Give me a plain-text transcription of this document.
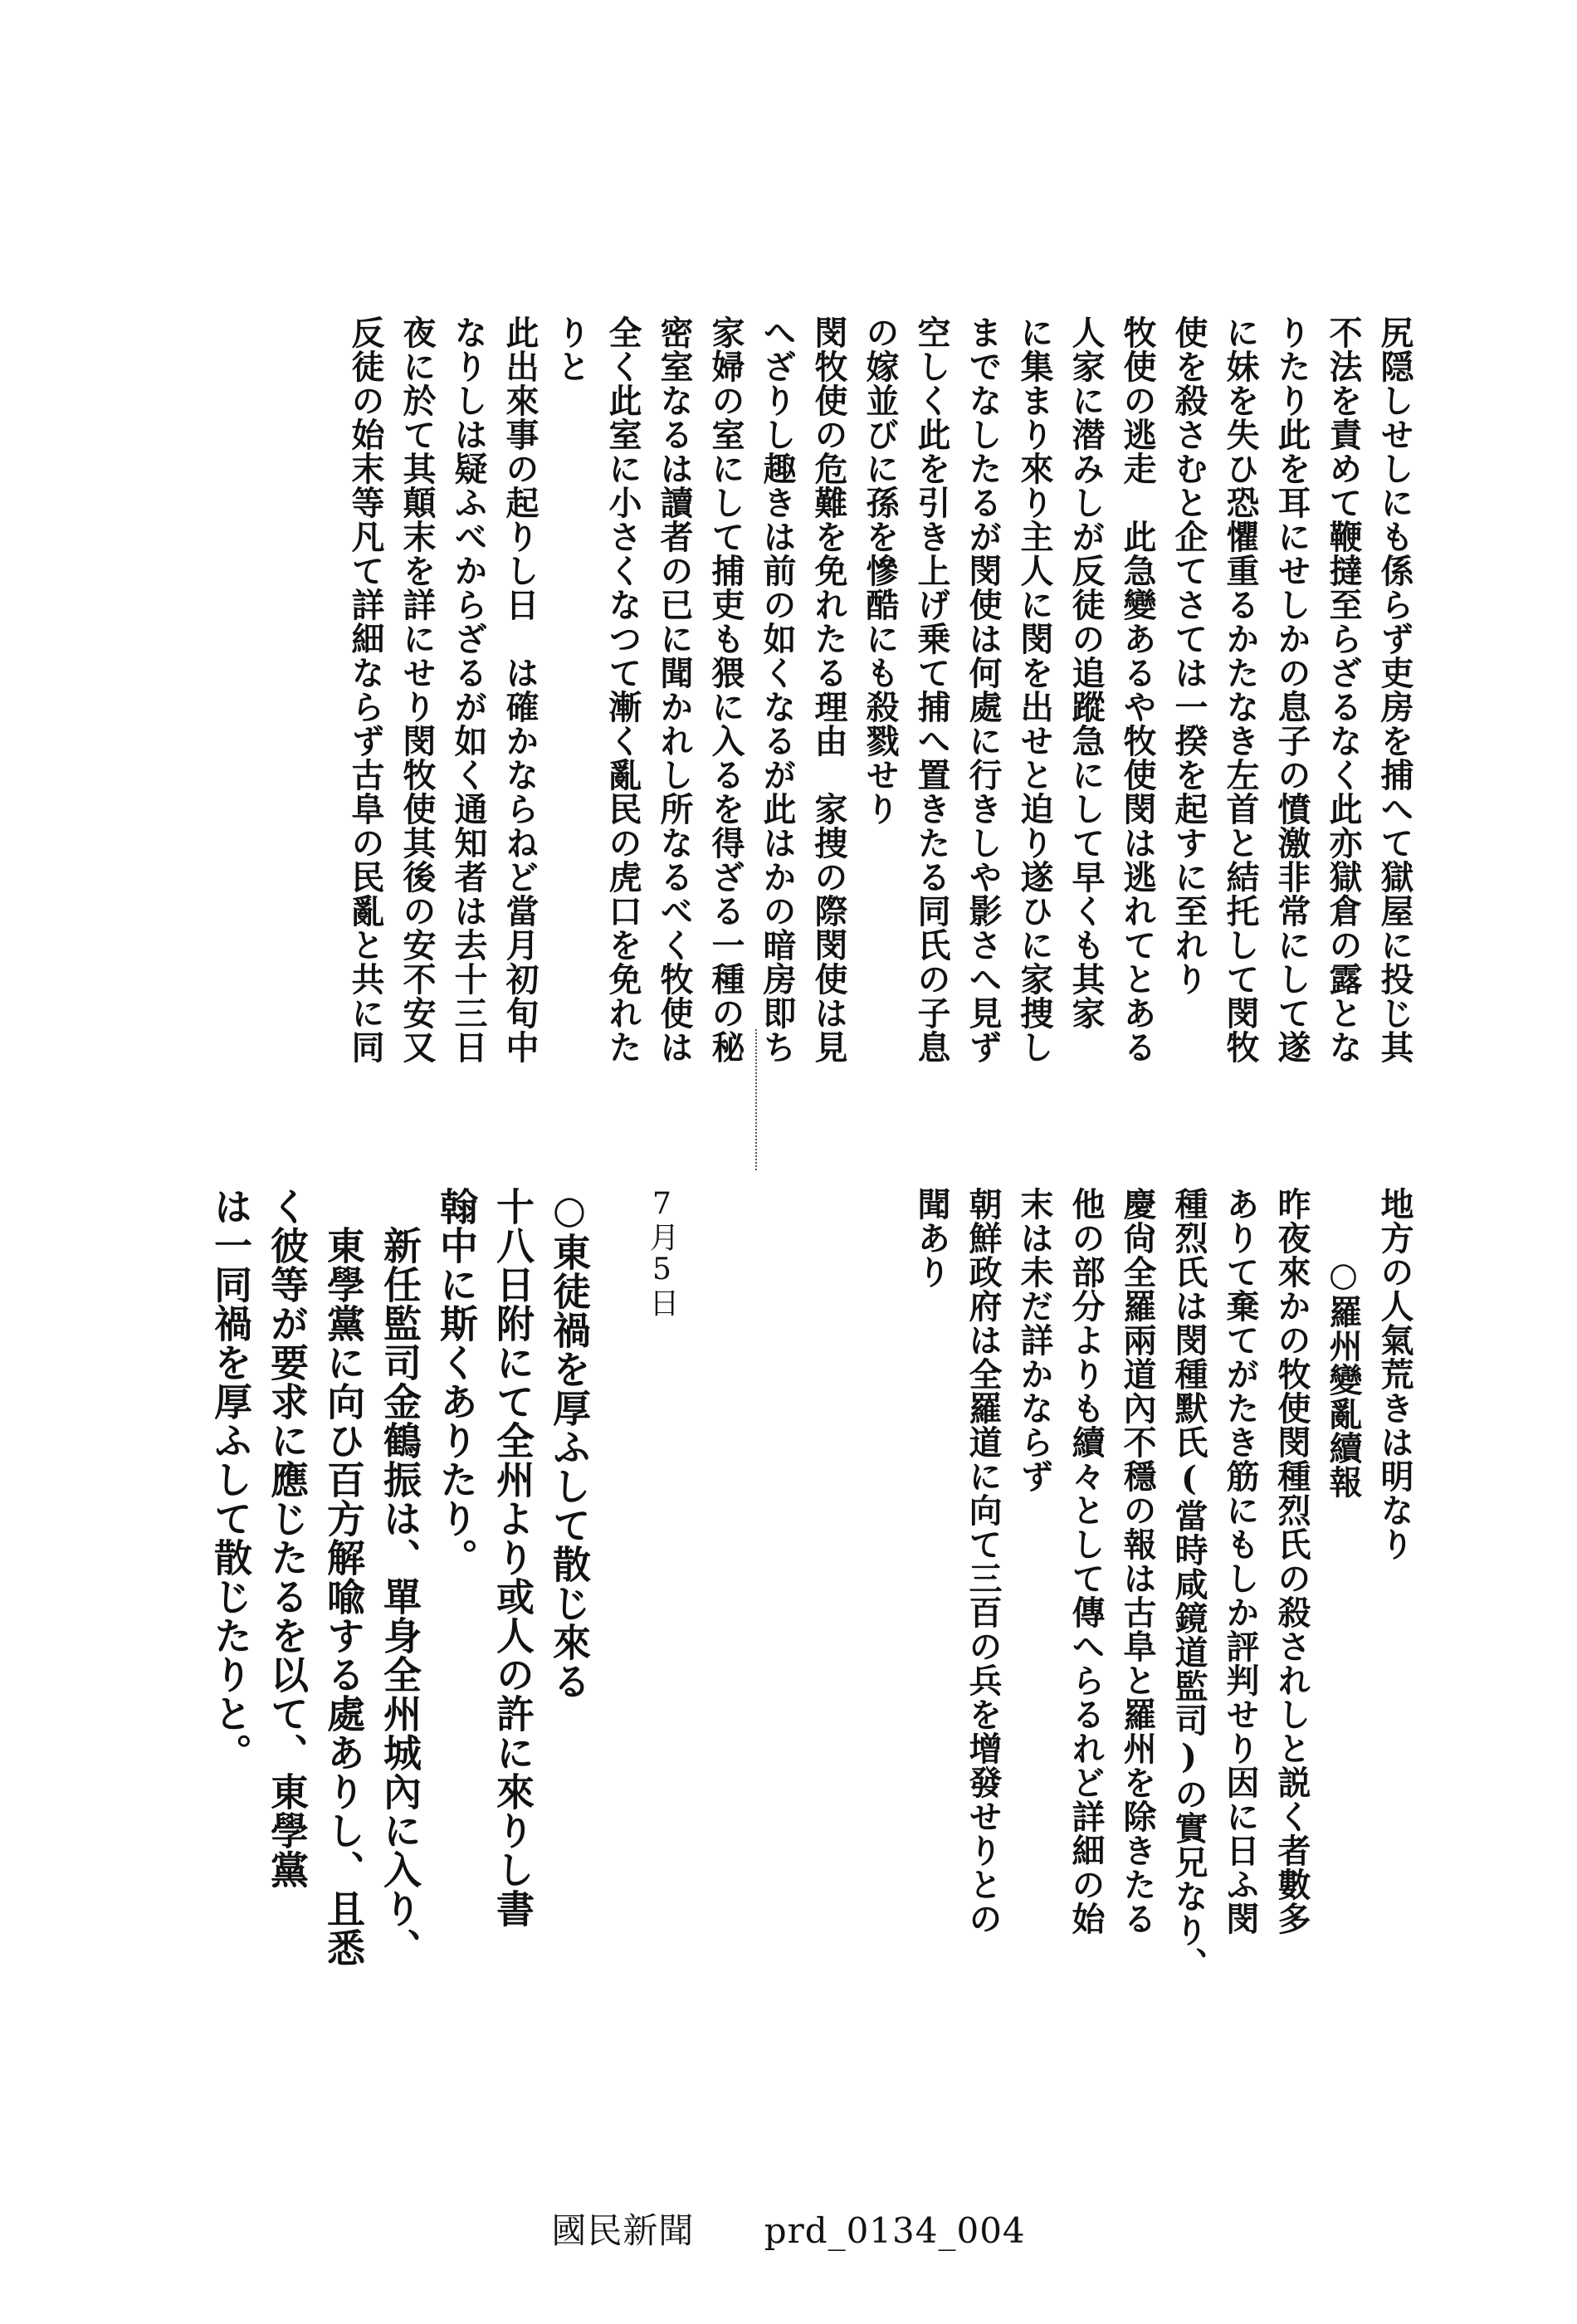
尻隠しせしにも係らず吏房を捕へて獄屋に投じ其
不法を責めて鞭撻至らざるなく此亦獄倉の露とな
りたり此を耳にせしかの息子の憤激非常にして遂
に妹を失ひ恐懼重るかたなき左首と結托して閔牧
使を殺さむと企てさては一揆を起すに至れり
牧使の逃走　此急變あるや牧使閔は逃れてとある
人家に潜みしが反徒の追蹤急にして早くも其家
に集まり來り主人に閔を出せと迫り遂ひに家捜し
までなしたるが閔使は何處に行きしや影さへ見ず
空しく此を引き上げ乗て捕へ置きたる同氏の子息
の嫁並びに孫を慘酷にも殺戮せり
閔牧使の危難を免れたる理由　家捜の際閔使は見
へざりし趣きは前の如くなるが此はかの暗房即ち
家婦の室にして捕吏も猥に入るを得ざる一種の秘
密室なるは讀者の已に聞かれし所なるべく牧使は
全く此室に小さくなつて漸く亂民の虎口を免れた
りと
此出來事の起りし日　は確かならねど當月初旬中
なりしは疑ふべからざるが如く通知者は去十三日
夜に於て其顛末を詳にせり閔牧使其後の安不安又
反徒の始末等凡て詳細ならず古阜の民亂と共に同
地方の人氣荒きは明なり
　　○羅州變亂續報
昨夜來かの牧使閔種烈氏の殺されしと説く者數多
ありて棄てがたき筋にもしか評判せり因に日ふ閔
種烈氏は閔種默氏(當時咸鏡道監司)の實兄なり、
慶尙全羅兩道內不穩の報は古阜と羅州を除きたる
他の部分よりも續々として傳へらるれど詳細の始
末は未だ詳かならず
朝鮮政府は全羅道に向て三百の兵を增發せりとの
聞あり
7月5日
○東徒禍を厚ふして散じ來る
十八日附にて全州より或人の許に來りし書
翰中に斯くありたり。
　新任監司金鶴振は、單身全州城內に入り、
　東學黨に向ひ百方解喩する處ありし、且悉
く彼等が要求に應じたるを以て、東學黨
は一同禍を厚ふして散じたりと。
國民新聞 prd_0134_004
